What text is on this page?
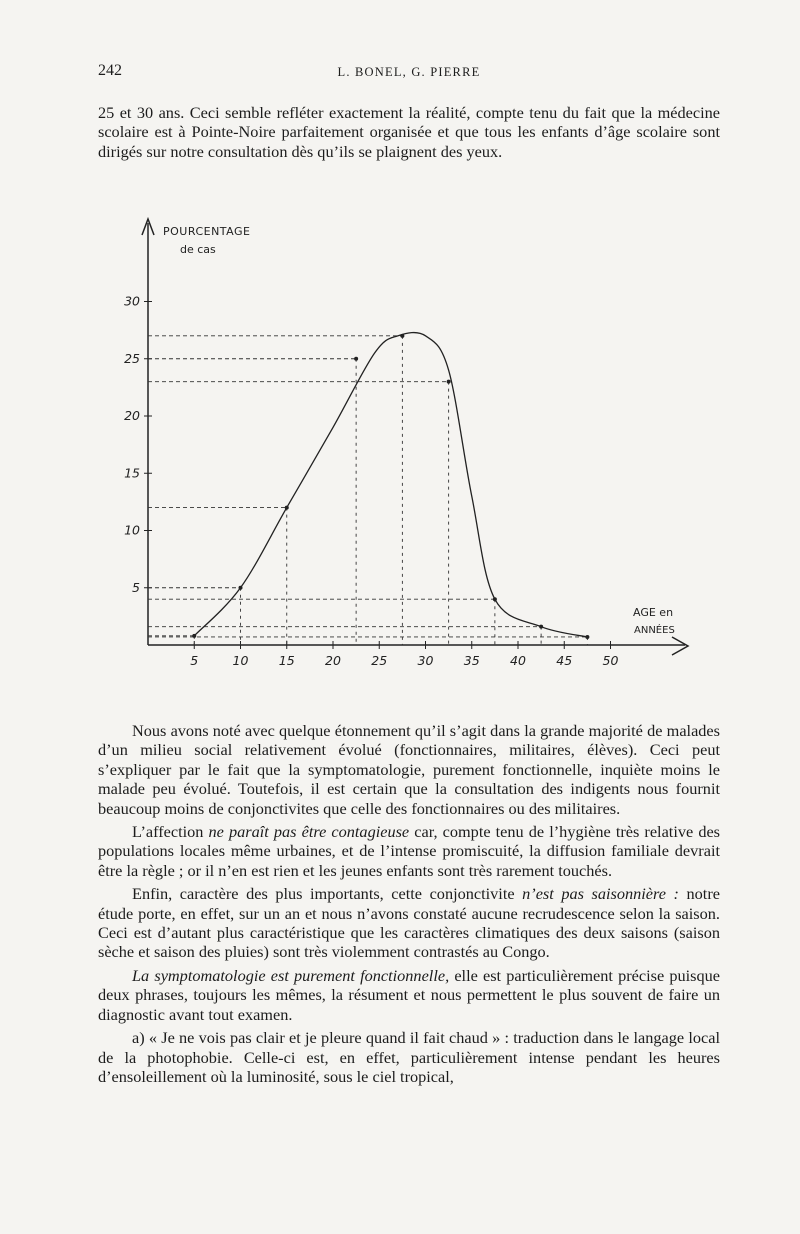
242	L. BONEL, G. PIERRE

25 et 30 ans. Ceci semble refléter exactement la réalité, compte tenu du fait que la médecine scolaire est à Pointe-Noire parfaitement organisée et que tous les enfants d’âge scolaire sont dirigés sur notre consultation dès qu’ils se plaignent des yeux.

POURCENTAGE
de cas
AGE en
ANNÉES
5	10 15 20 25 30 35 40 45 50
5
10
15
20
25
30

Nous avons noté avec quelque étonnement qu’il s’agit dans la grande majorité de malades d’un milieu social relativement évolué (fonctionnaires, militaires, élèves). Ceci peut s’expliquer par le fait que la symptomatologie, purement fonctionnelle, inquiète moins le malade peu évolué. Toutefois, il est certain que la consultation des indigents nous fournit beaucoup moins de conjonctivites que celle des fonctionnaires ou des militaires.

L’affection ne paraît pas être contagieuse car, compte tenu de l’hygiène très relative des populations locales même urbaines, et de l’intense promiscuité, la diffusion familiale devrait être la règle ; or il n’en est rien et les jeunes enfants sont très rarement touchés.

Enfin, caractère des plus importants, cette conjonctivite n’est pas saisonnière : notre étude porte, en effet, sur un an et nous n’avons constaté aucune recrudescence selon la saison. Ceci est d’autant plus caractéristique que les caractères climatiques des deux saisons (saison sèche et saison des pluies) sont très violemment contrastés au Congo.

La symptomatologie est purement fonctionnelle, elle est particulièrement précise puisque deux phrases, toujours les mêmes, la résument et nous permettent le plus souvent de faire un diagnostic avant tout examen.

a) « Je ne vois pas clair et je pleure quand il fait chaud » : traduction dans le langage local de la photophobie. Celle-ci est, en effet, particulièrement intense pendant les heures d’ensoleillement où la luminosité, sous le ciel tropical,
